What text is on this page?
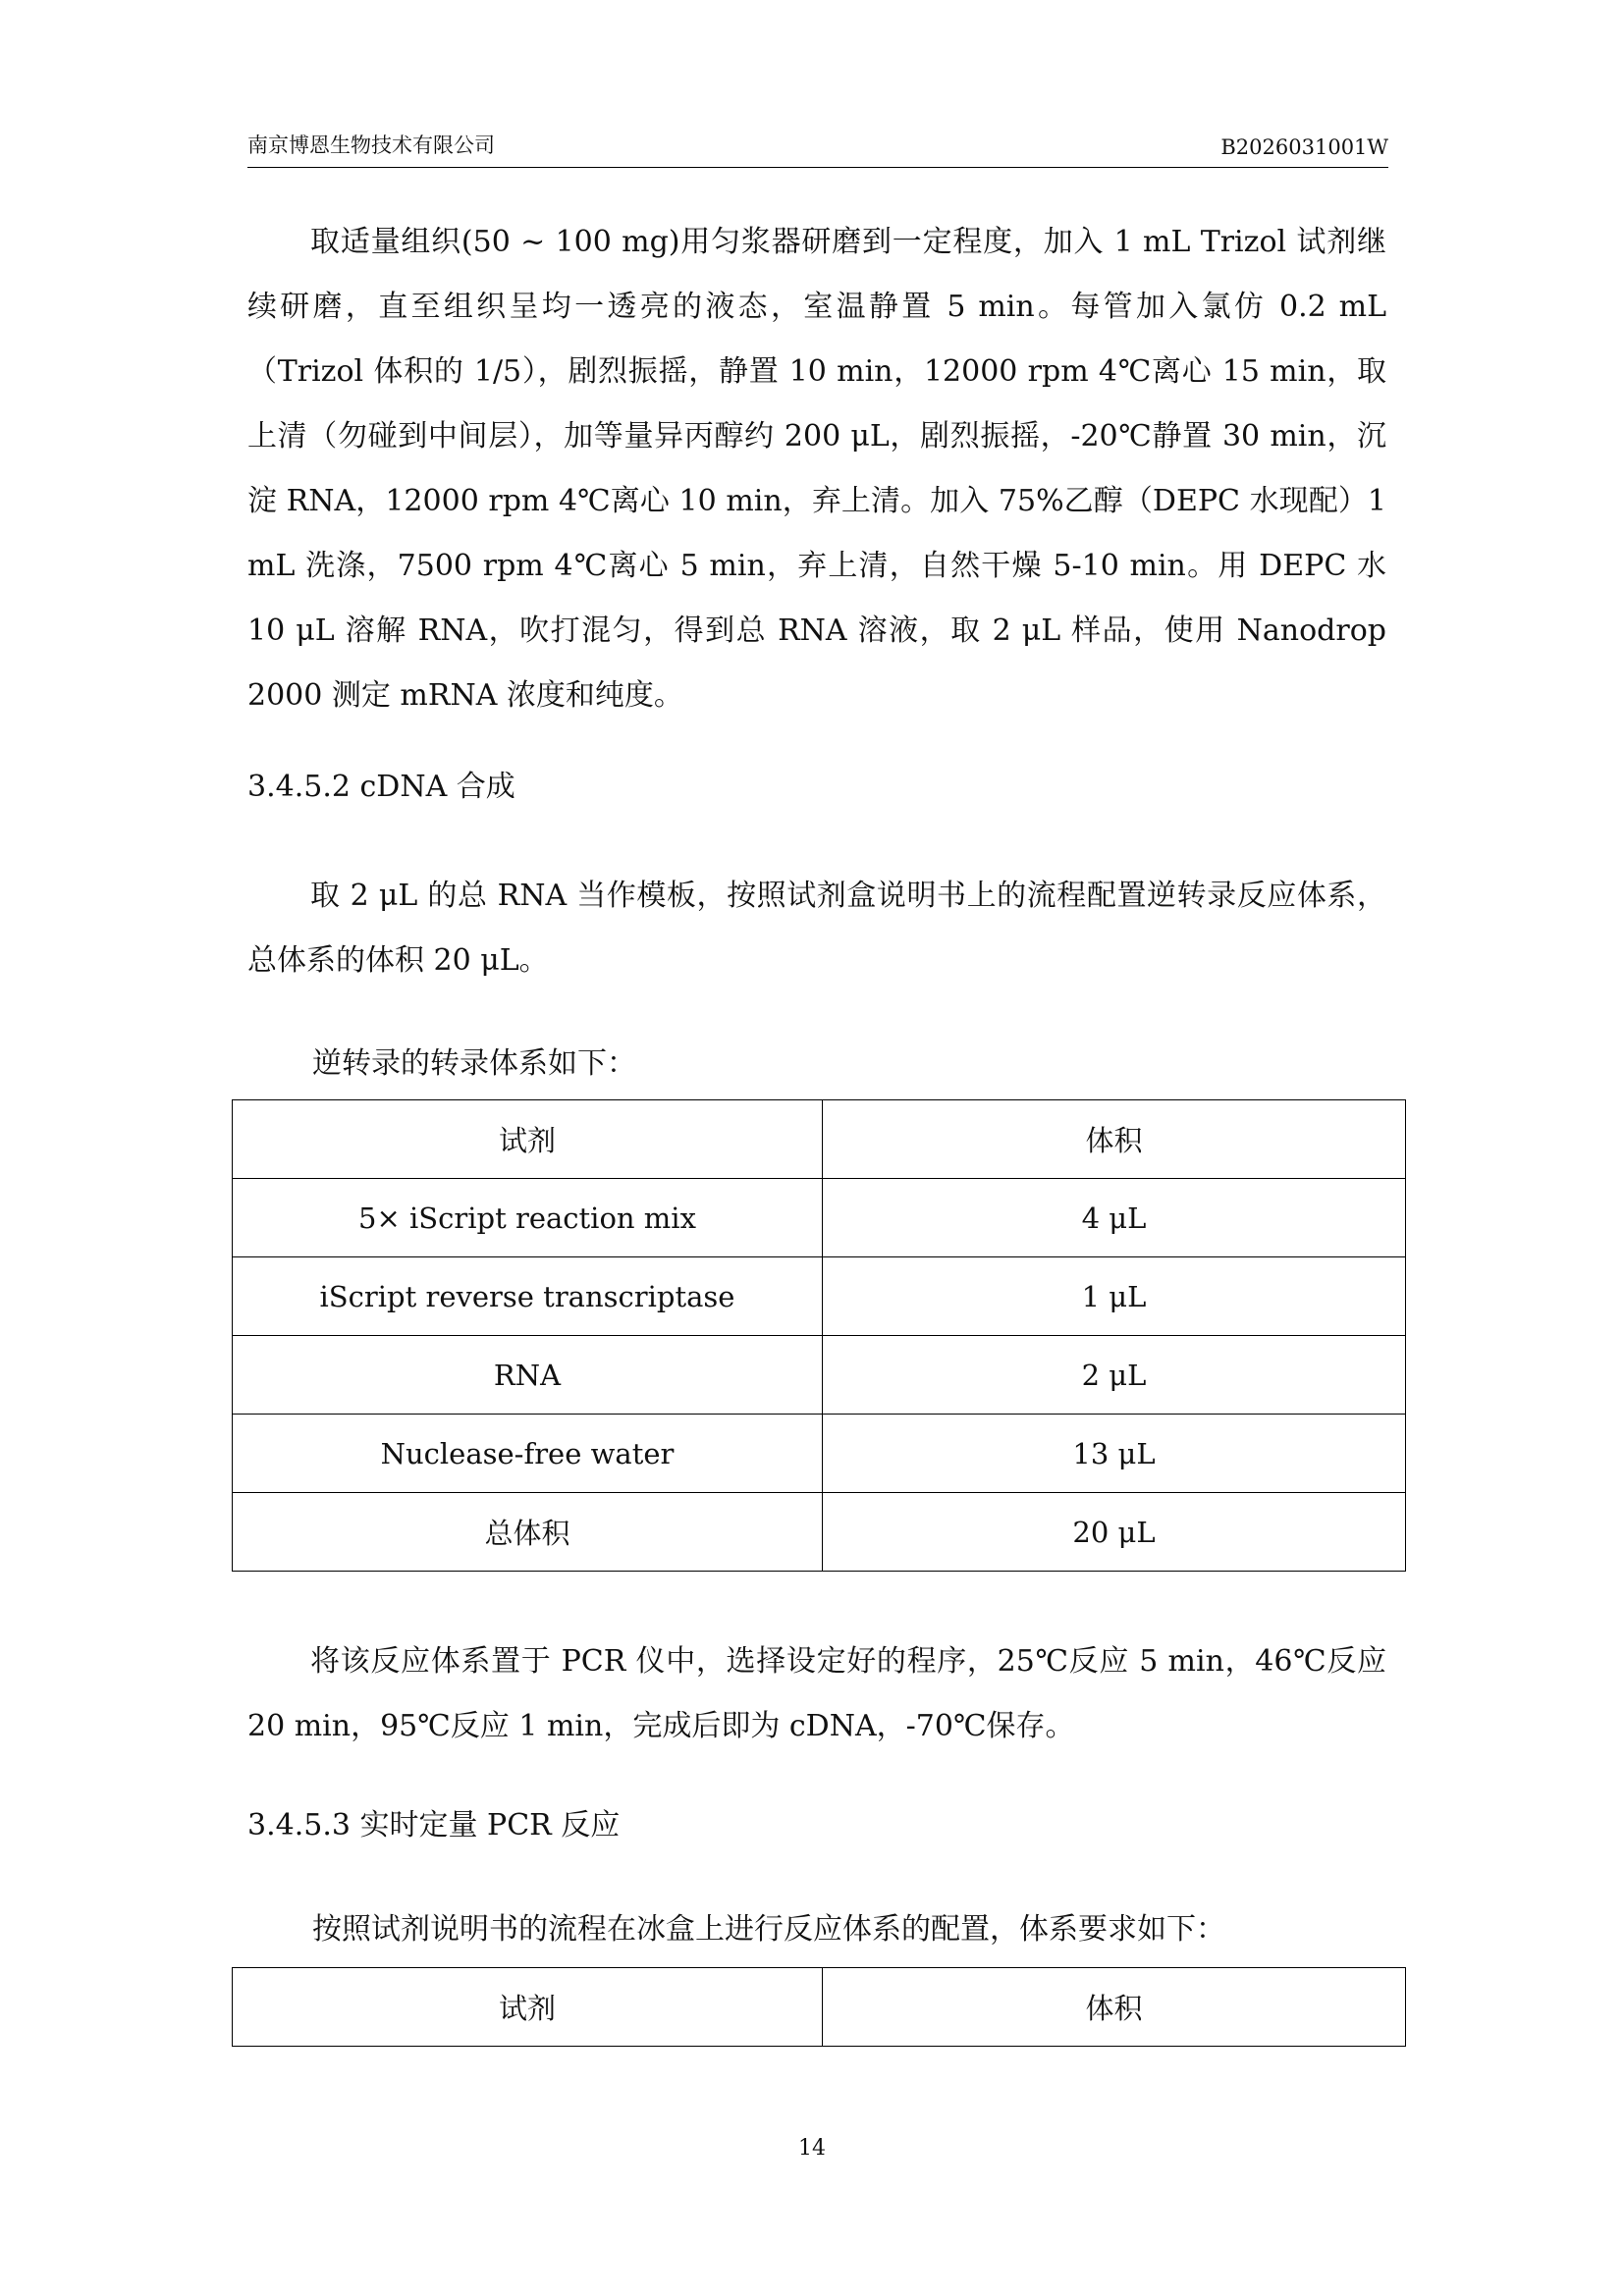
南京博恩生物技术有限公司	B2026031001W

取适量组织(50 ~ 100 mg)用匀浆器研磨到一定程度，加入 1 mL Trizol 试剂继续研磨，直至组织呈均一透亮的液态，室温静置 5 min。每管加入氯仿 0.2 mL（Trizol 体积的 1/5），剧烈振摇，静置 10 min，12000 rpm 4℃离心 15 min，取上清（勿碰到中间层），加等量异丙醇约 200 μL，剧烈振摇，-20℃静置 30 min，沉淀 RNA，12000 rpm 4℃离心 10 min，弃上清。加入 75%乙醇（DEPC 水现配）1 mL 洗涤，7500 rpm 4℃离心 5 min，弃上清，自然干燥 5-10 min。用 DEPC 水 10 μL 溶解 RNA，吹打混匀，得到总 RNA 溶液，取 2 μL 样品，使用 Nanodrop 2000 测定 mRNA 浓度和纯度。

3.4.5.2 cDNA 合成

取 2 μL 的总 RNA 当作模板，按照试剂盒说明书上的流程配置逆转录反应体系，总体系的体积 20 μL。

逆转录的转录体系如下：

试剂	体积
5× iScript reaction mix	4 μL
iScript reverse transcriptase	1 μL
RNA	2 μL
Nuclease-free water	13 μL
总体积	20 μL

将该反应体系置于 PCR 仪中，选择设定好的程序，25℃反应 5 min，46℃反应 20 min，95℃反应 1 min，完成后即为 cDNA，-70℃保存。

3.4.5.3 实时定量 PCR 反应

按照试剂说明书的流程在冰盒上进行反应体系的配置，体系要求如下：

试剂	体积
14
